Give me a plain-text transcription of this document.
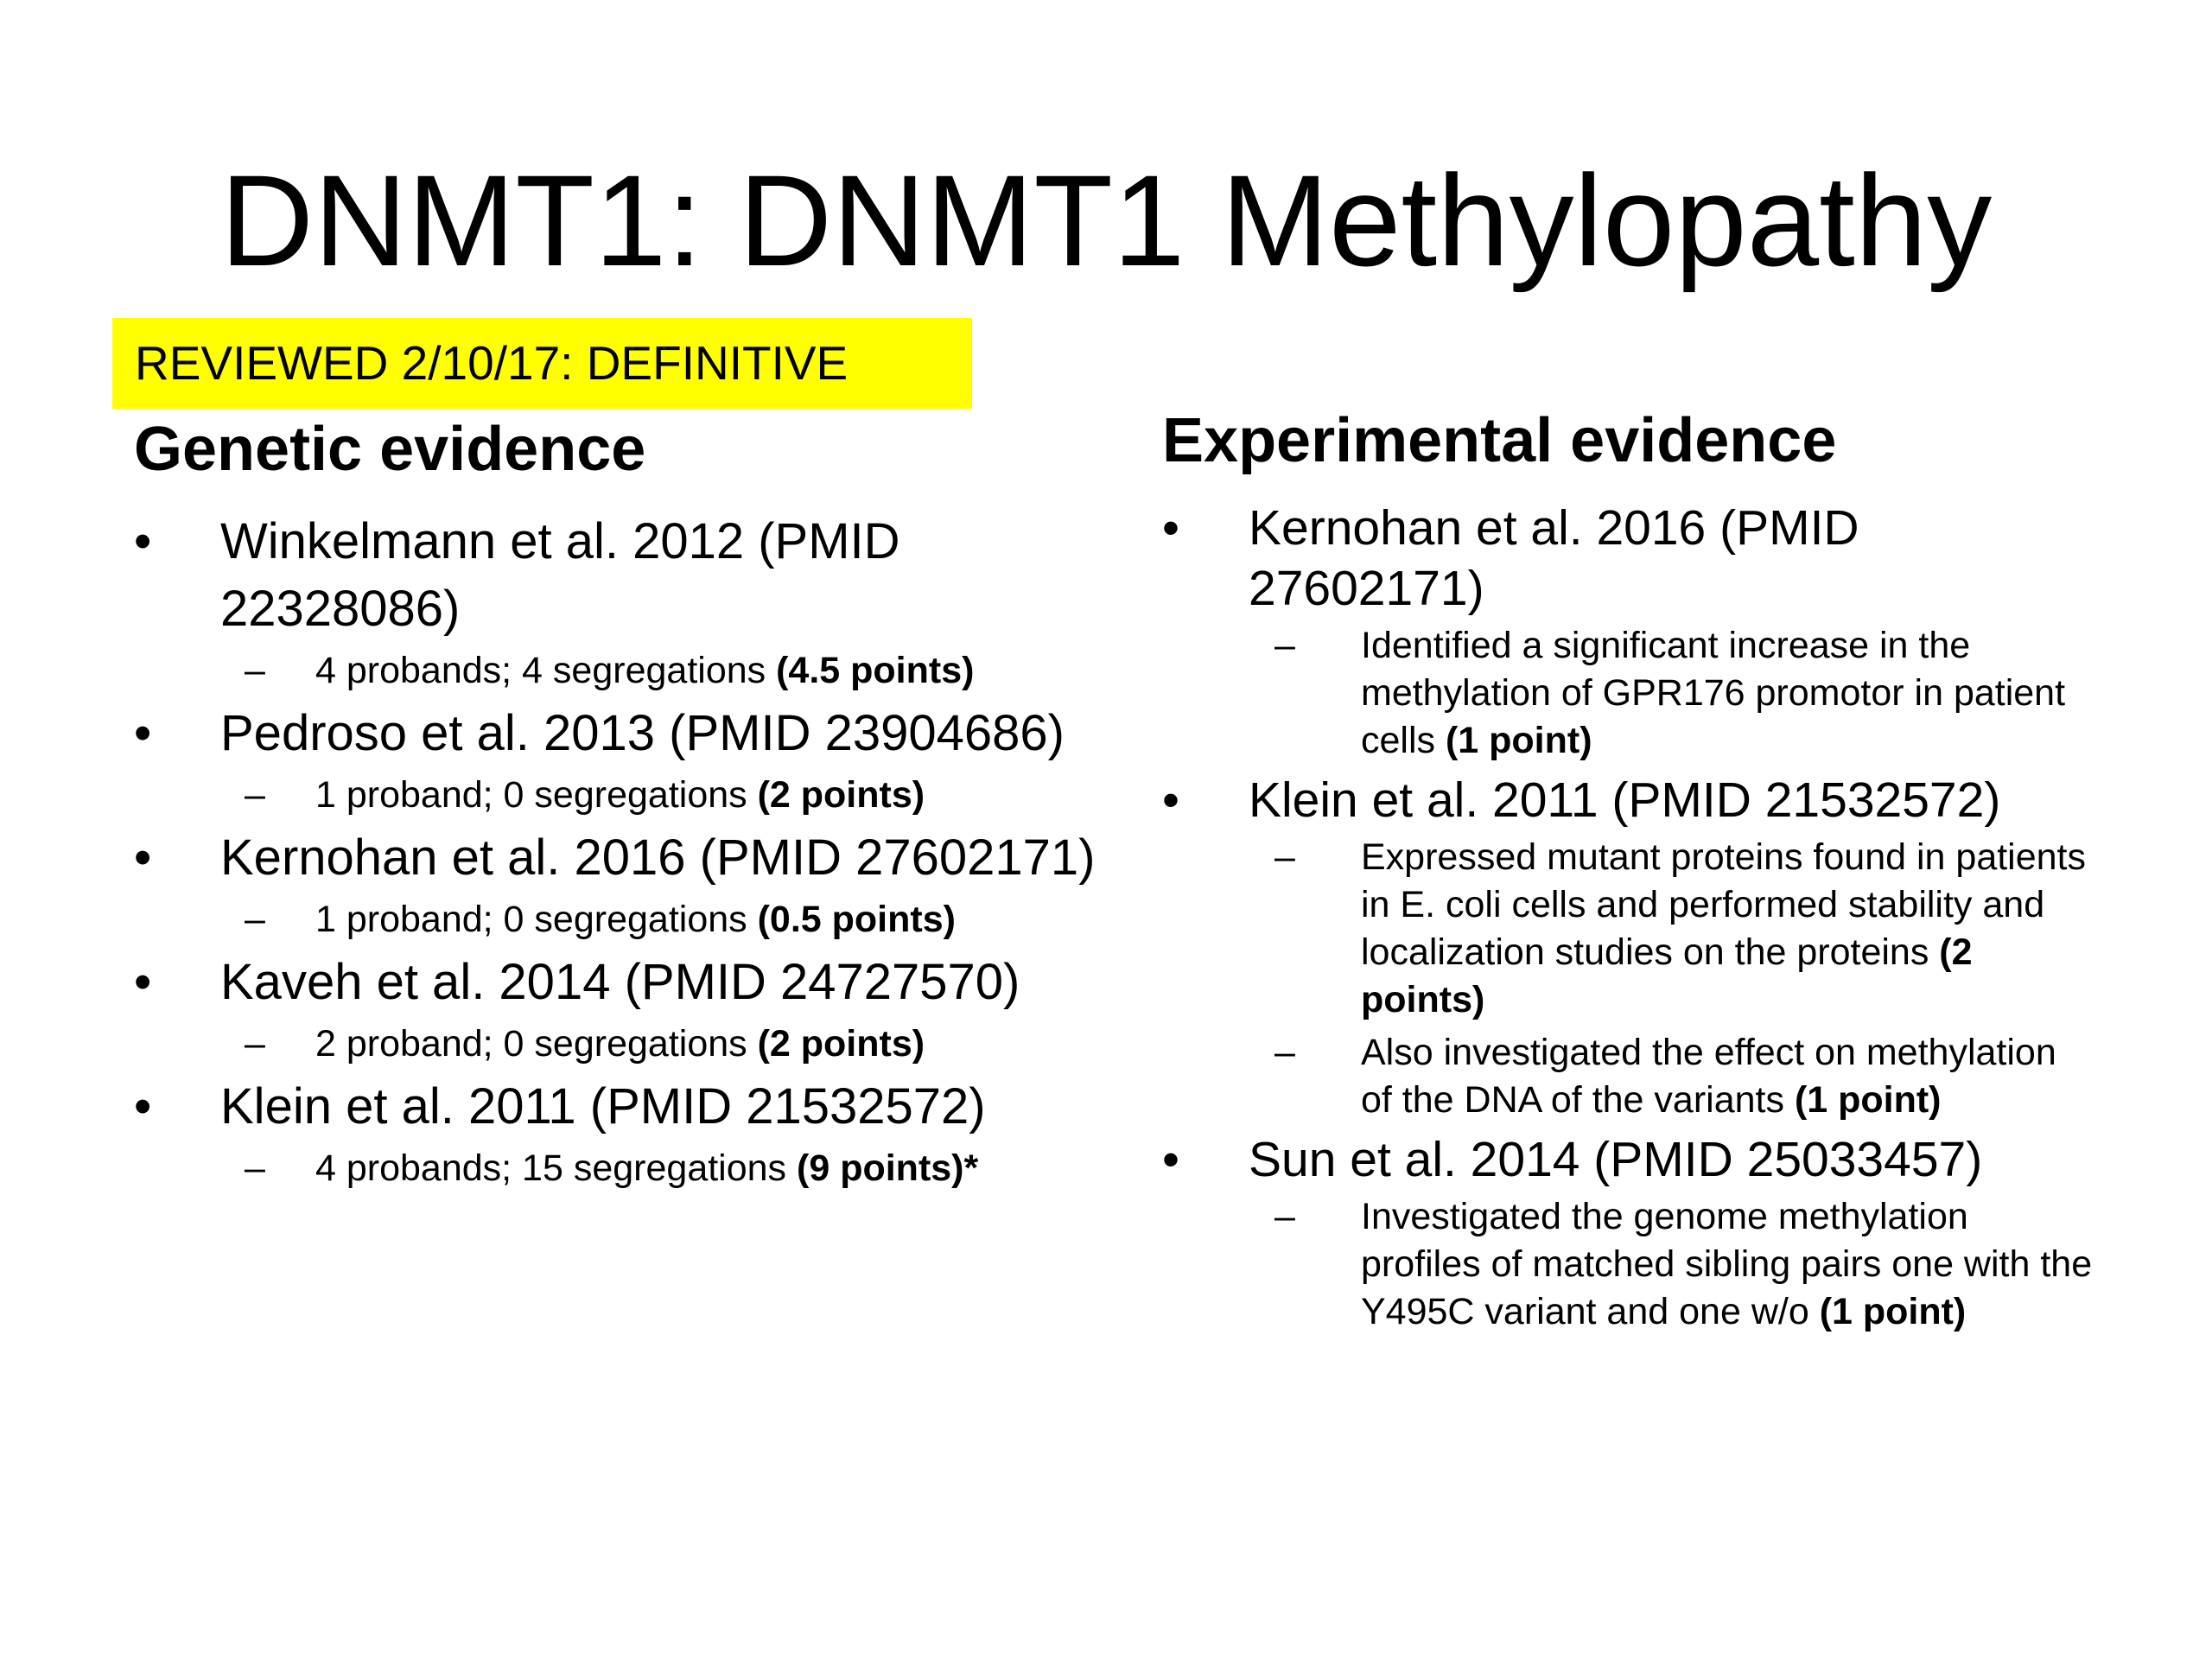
DNMT1: DNMT1 Methylopathy
REVIEWED 2/10/17: DEFINITIVE
Genetic evidence
• Winkelmann et al. 2012 (PMID 22328086)
– 4 probands; 4 segregations (4.5 points)
• Pedroso et al. 2013 (PMID 23904686)
– 1 proband; 0 segregations (2 points)
• Kernohan et al. 2016 (PMID 27602171)
– 1 proband; 0 segregations (0.5 points)
• Kaveh et al. 2014 (PMID 24727570)
– 2 proband; 0 segregations (2 points)
• Klein et al. 2011 (PMID 21532572)
– 4 probands; 15 segregations (9 points)*
Experimental evidence
• Kernohan et al. 2016 (PMID 27602171)
– Identified a significant increase in the methylation of GPR176 promotor in patient cells (1 point)
• Klein et al. 2011 (PMID 21532572)
– Expressed mutant proteins found in patients in E. coli cells and performed stability and localization studies on the proteins (2 points)
– Also investigated the effect on methylation of the DNA of the variants (1 point)
• Sun et al. 2014 (PMID 25033457)
– Investigated the genome methylation profiles of matched sibling pairs one with the Y495C variant and one w/o (1 point)
